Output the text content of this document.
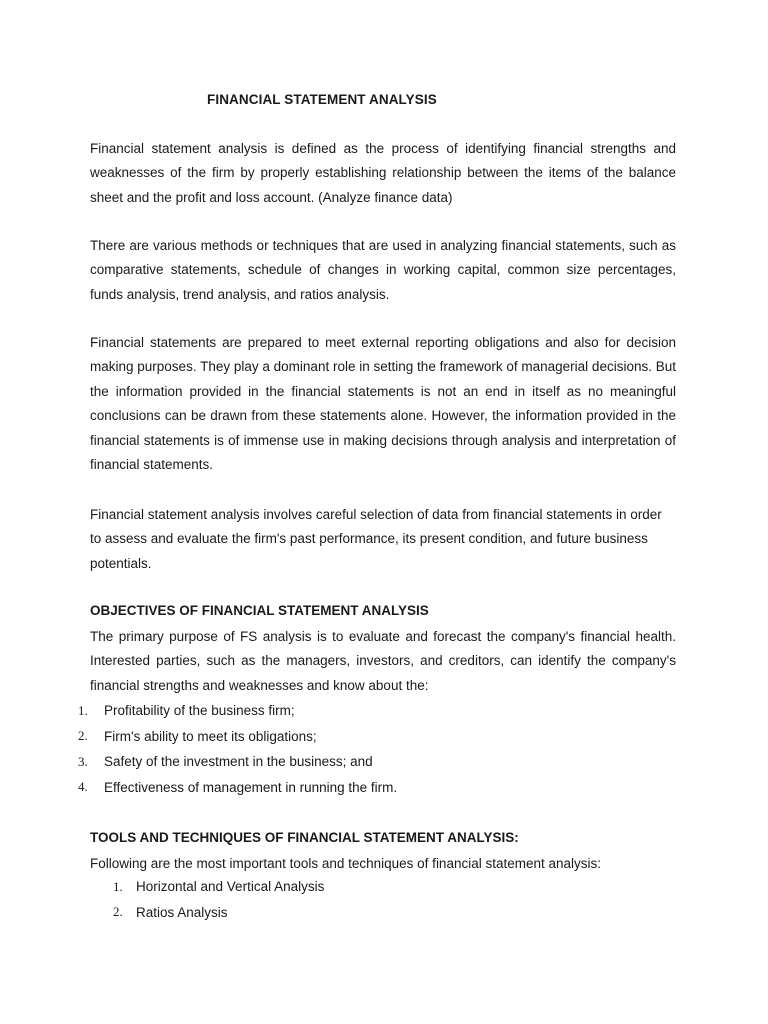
FINANCIAL STATEMENT ANALYSIS

Financial statement analysis is defined as the process of identifying financial strengths and weaknesses of the firm by properly establishing relationship between the items of the balance sheet and the profit and loss account. (Analyze finance data)

There are various methods or techniques that are used in analyzing financial statements, such as comparative statements, schedule of changes in working capital, common size percentages, funds analysis, trend analysis, and ratios analysis.

Financial statements are prepared to meet external reporting obligations and also for decision making purposes. They play a dominant role in setting the framework of managerial decisions. But the information provided in the financial statements is not an end in itself as no meaningful conclusions can be drawn from these statements alone. However, the information provided in the financial statements is of immense use in making decisions through analysis and interpretation of financial statements.

Financial statement analysis involves careful selection of data from financial statements in order to assess and evaluate the firm's past performance, its present condition, and future business potentials.

OBJECTIVES OF FINANCIAL STATEMENT ANALYSIS

The primary purpose of FS analysis is to evaluate and forecast the company's financial health. Interested parties, such as the managers, investors, and creditors, can identify the company's financial strengths and weaknesses and know about the:

1.	Profitability of the business firm;
2.	Firm's ability to meet its obligations;
3.	Safety of the investment in the business; and
4.	Effectiveness of management in running the firm.
TOOLS AND TECHNIQUES OF FINANCIAL STATEMENT ANALYSIS:

Following are the most important tools and techniques of financial statement analysis:

1. Horizontal and Vertical Analysis
2. Ratios Analysis
